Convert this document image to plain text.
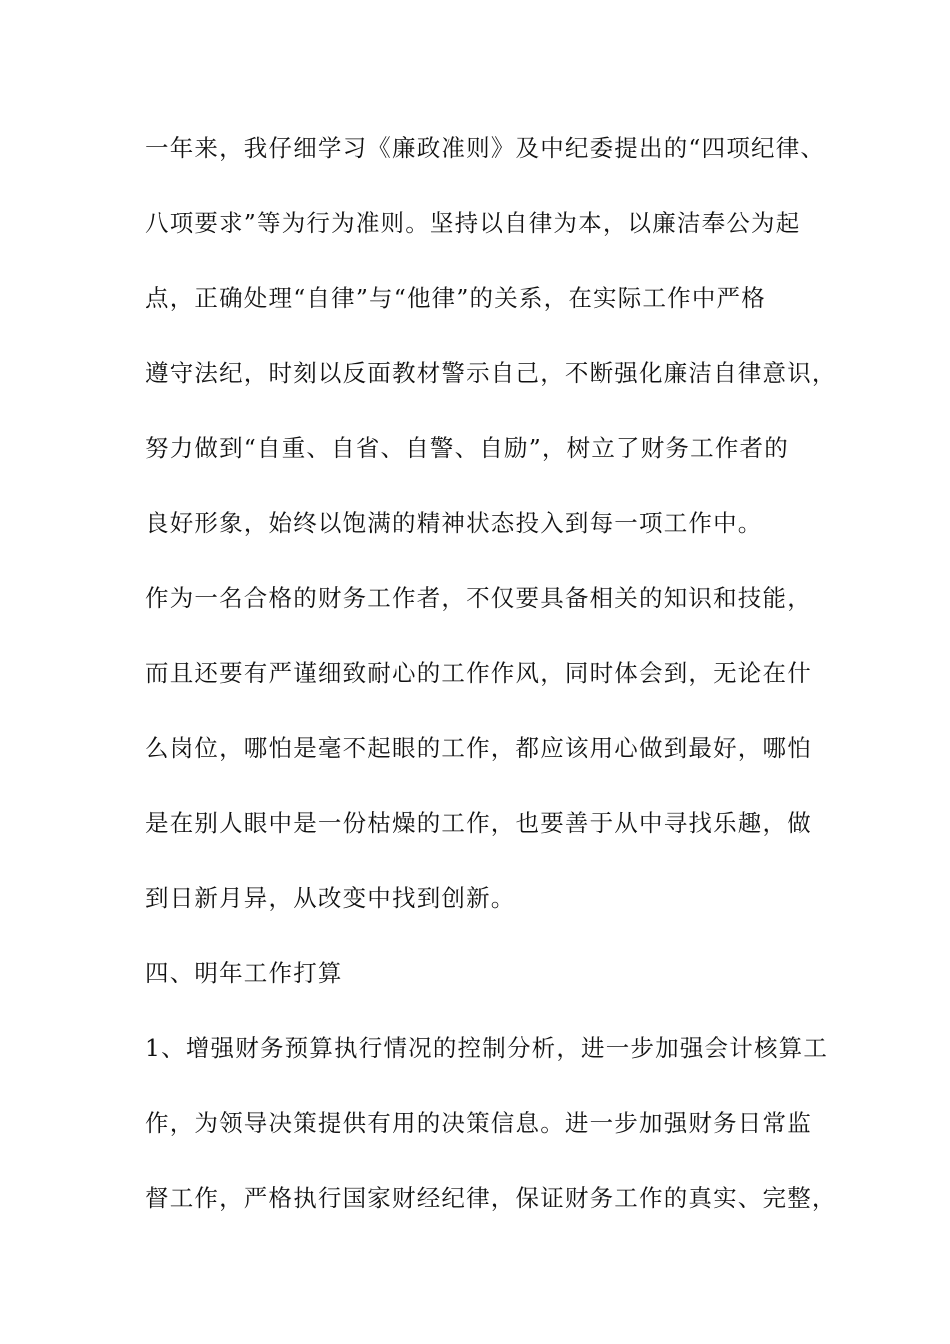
一年来，我仔细学习《廉政准则》及中纪委提出的“四项纪律、
八项要求”等为行为准则。坚持以自律为本，以廉洁奉公为起
点，正确处理“自律”与“他律”的关系，在实际工作中严格
遵守法纪，时刻以反面教材警示自己，不断强化廉洁自律意识，
努力做到“自重、自省、自警、自励”，树立了财务工作者的
良好形象，始终以饱满的精神状态投入到每一项工作中。
作为一名合格的财务工作者，不仅要具备相关的知识和技能，
而且还要有严谨细致耐心的工作作风，同时体会到，无论在什
么岗位，哪怕是毫不起眼的工作，都应该用心做到最好，哪怕
是在别人眼中是一份枯燥的工作，也要善于从中寻找乐趣，做
到日新月异，从改变中找到创新。
四、明年工作打算
1、增强财务预算执行情况的控制分析，进一步加强会计核算工
作，为领导决策提供有用的决策信息。进一步加强财务日常监
督工作，严格执行国家财经纪律，保证财务工作的真实、完整，
